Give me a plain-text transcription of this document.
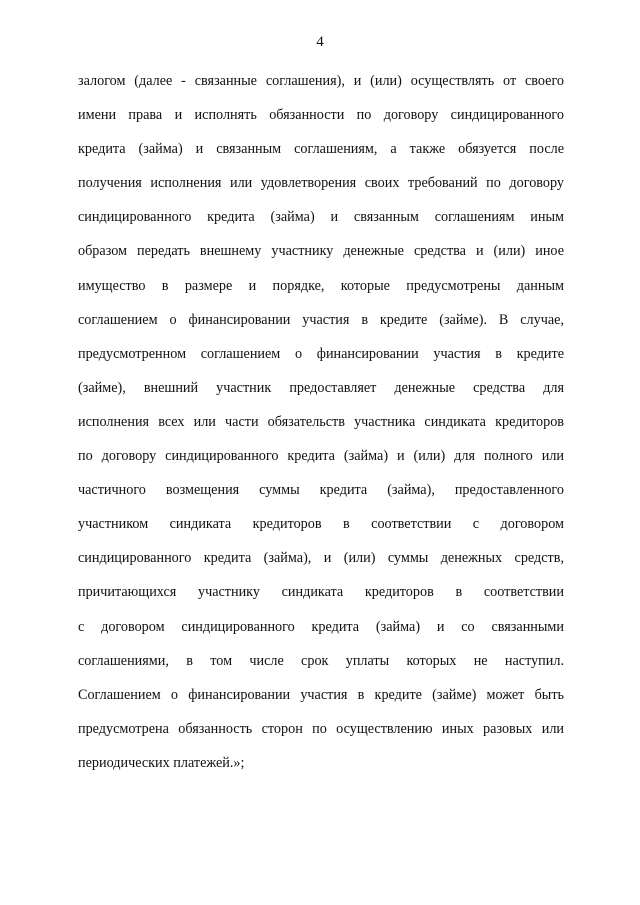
4
залогом (далее - связанные соглашения), и (или) осуществлять от своего
имени права и исполнять обязанности по договору синдицированного
кредита (займа) и связанным соглашениям, а также обязуется после
получения исполнения или удовлетворения своих требований по договору
синдицированного кредита (займа) и связанным соглашениям иным
образом передать внешнему участнику денежные средства и (или) иное
имущество в размере и порядке, которые предусмотрены данным
соглашением о финансировании участия в кредите (займе). В случае,
предусмотренном соглашением о финансировании участия в кредите
(займе), внешний участник предоставляет денежные средства для
исполнения всех или части обязательств участника синдиката кредиторов
по договору синдицированного кредита (займа) и (или) для полного или
частичного возмещения суммы кредита (займа), предоставленного
участником синдиката кредиторов в соответствии с договором
синдицированного кредита (займа), и (или) суммы денежных средств,
причитающихся участнику синдиката кредиторов в соответствии
с договором синдицированного кредита (займа) и со связанными
соглашениями, в том числе срок уплаты которых не наступил.
Соглашением о финансировании участия в кредите (займе) может быть
предусмотрена обязанность сторон по осуществлению иных разовых или
периодических платежей.»;
